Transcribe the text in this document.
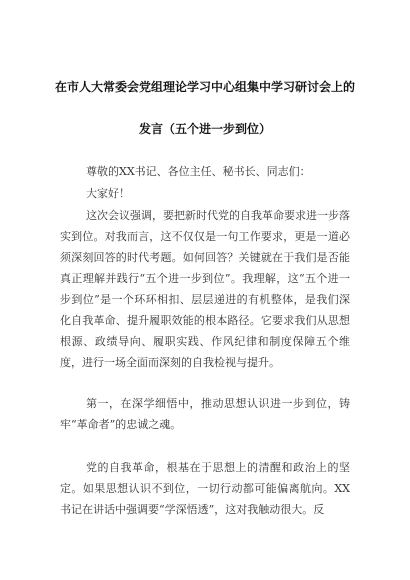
在市人大常委会党组理论学习中心组集中学习研讨会上的
发言（五个进一步到位）
尊敬的XX书记、各位主任、秘书长、同志们：
大家好！
这次会议强调，要把新时代党的自我革命要求进一步落实到位。对我而言，这不仅仅是一句工作要求，更是一道必须深刻回答的时代考题。如何回答？关键就在于我们是否能真正理解并践行“五个进一步到位”。我理解，这“五个进一步到位”是一个环环相扣、层层递进的有机整体，是我们深化自我革命、提升履职效能的根本路径。它要求我们从思想根源、政绩导向、履职实践、作风纪律和制度保障五个维度，进行一场全面而深刻的自我检视与提升。
第一，在深学细悟中，推动思想认识进一步到位，铸牢“革命者”的忠诚之魂。
党的自我革命，根基在于思想上的清醒和政治上的坚定。如果思想认识不到位，一切行动都可能偏离航向。XX书记在讲话中强调要“学深悟透”，这对我触动很大。反
